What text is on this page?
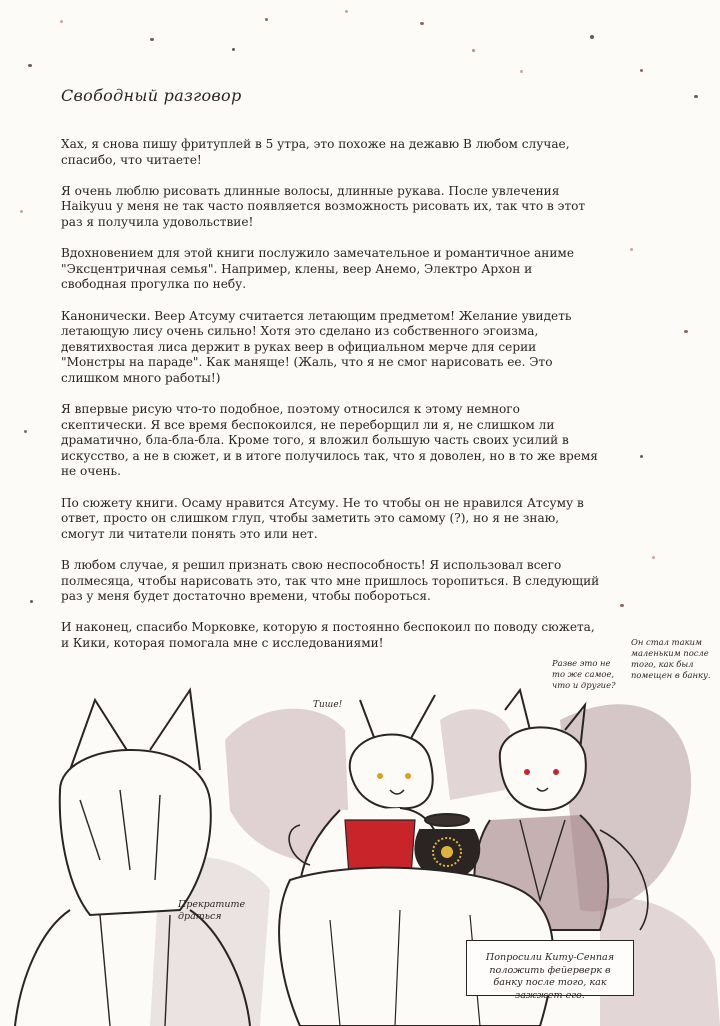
Свободный разговор

Хах, я снова пишу фритуплей в 5 утра, это похоже на дежавю В любом случае, спасибо, что читаете!

Я очень люблю рисовать длинные волосы, длинные рукава. После увлечения Haikyuu у меня не так часто появляется возможность рисовать их, так что в этот раз я получила удовольствие!

Вдохновением для этой книги послужило замечательное и романтичное аниме "Эксцентричная семья". Например, клены, веер Анемо, Электро Архон и свободная прогулка по небу.

Канонически. Веер Атсуму считается летающим предметом! Желание увидеть летающую лису очень сильно! Хотя это сделано из собственного эгоизма, девятихвостая лиса держит в руках веер в официальном мерче для серии "Монстры на параде". Как маняще! (Жаль, что я не смог нарисовать ее. Это слишком много работы!)

Я впервые рисую что-то подобное, поэтому относился к этому немного скептически. Я все время беспокоился, не переборщил ли я, не слишком ли драматично, бла-бла-бла. Кроме того, я вложил большую часть своих усилий в искусство, а не в сюжет, и в итоге получилось так, что я доволен, но в то же время не очень.

По сюжету книги. Осаму нравится Атсуму. Не то чтобы он не нравился Атсуму в ответ, просто он слишком глуп, чтобы заметить это самому (?), но я не знаю, смогут ли читатели понять это или нет.

В любом случае, я решил признать свою неспособность! Я использовал всего полмесяца, чтобы нарисовать это, так что мне пришлось торопиться. В следующий раз у меня будет достаточно времени, чтобы побороться.

И наконец, спасибо Морковке, которую я постоянно беспокоил по поводу сюжета, и Кики, которая помогала мне с исследованиями!

Тише!
Прекратите драться
Разве это не то же самое, что и другие?
Он стал таким маленьким после того, как был помещен в банку.
Попросили Киту-Сенпая положить фейерверк в банку после того, как зажжет его.
